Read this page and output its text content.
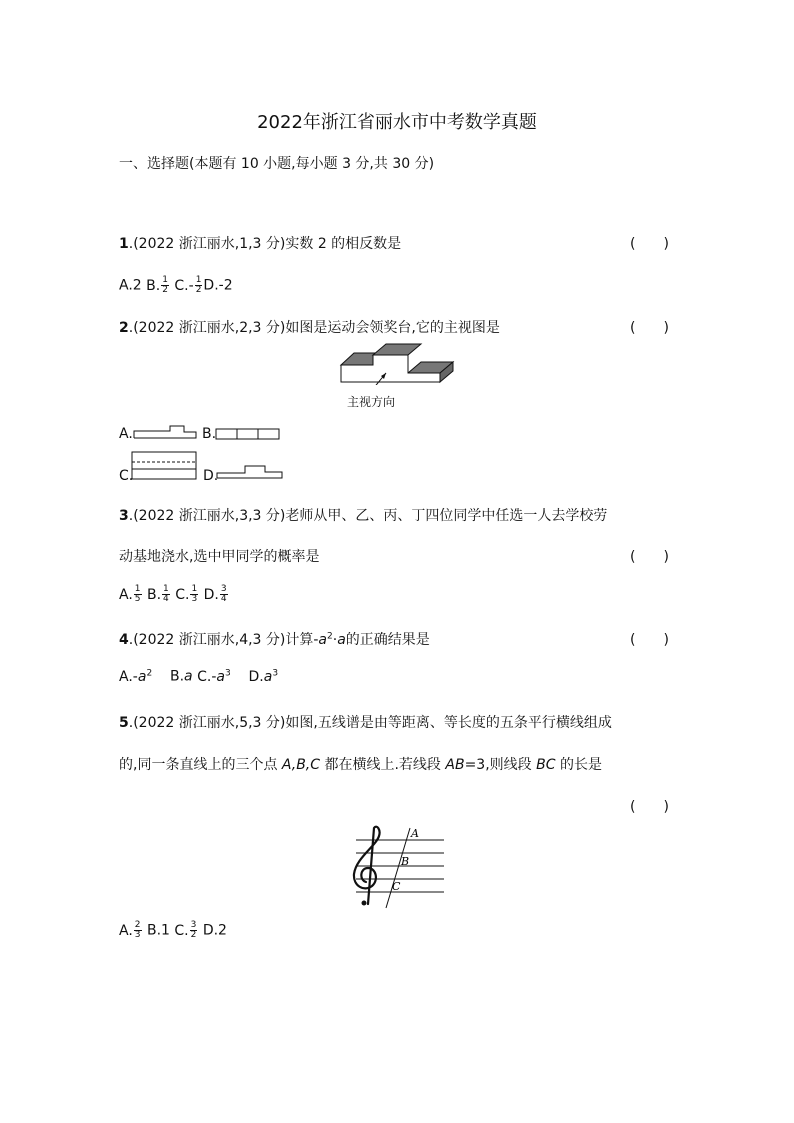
2022年浙江省丽水市中考数学真题
一、选择题(本题有 10 小题,每小题 3 分,共 30 分)
1.(2022 浙江丽水,1,3 分)实数 2 的相反数是	(　　)
A.2 B. $\frac{1}{2} C.- \frac{1}{2} D.-2$
2.(2022 浙江丽水,2,3 分)如图是运动会领奖台,它的主视图是	(　　)
主视方向
A.	B.
C.	D.
3.(2022 浙江丽水,3,3 分)老师从甲、乙、丙、丁四位同学中任选一人去学校劳
动基地浇水,选中甲同学的概率是	(　　)
A. $\frac{1}{5} B$. $\frac{1}{4} C$. $\frac{1}{3} D$. $\frac{3}{4}$
4.(2022 浙江丽水,4,3 分)计算$-a^2\cdot a$的正确结果是	(　　)
$A.-a^2$ B.a $C.-a^3$ $D.a^3$
5.(2022 浙江丽水,5,3 分)如图,五线谱是由等距离、等长度的五条平行横线组成
的,同一条直线上的三个点 A,B,C 都在横线上.若线段 AB=3,则线段 BC 的长是
(　　)
A
B
C
A. $\frac{2}{3} B.1$ C. $\frac{3}{2} D.2$
